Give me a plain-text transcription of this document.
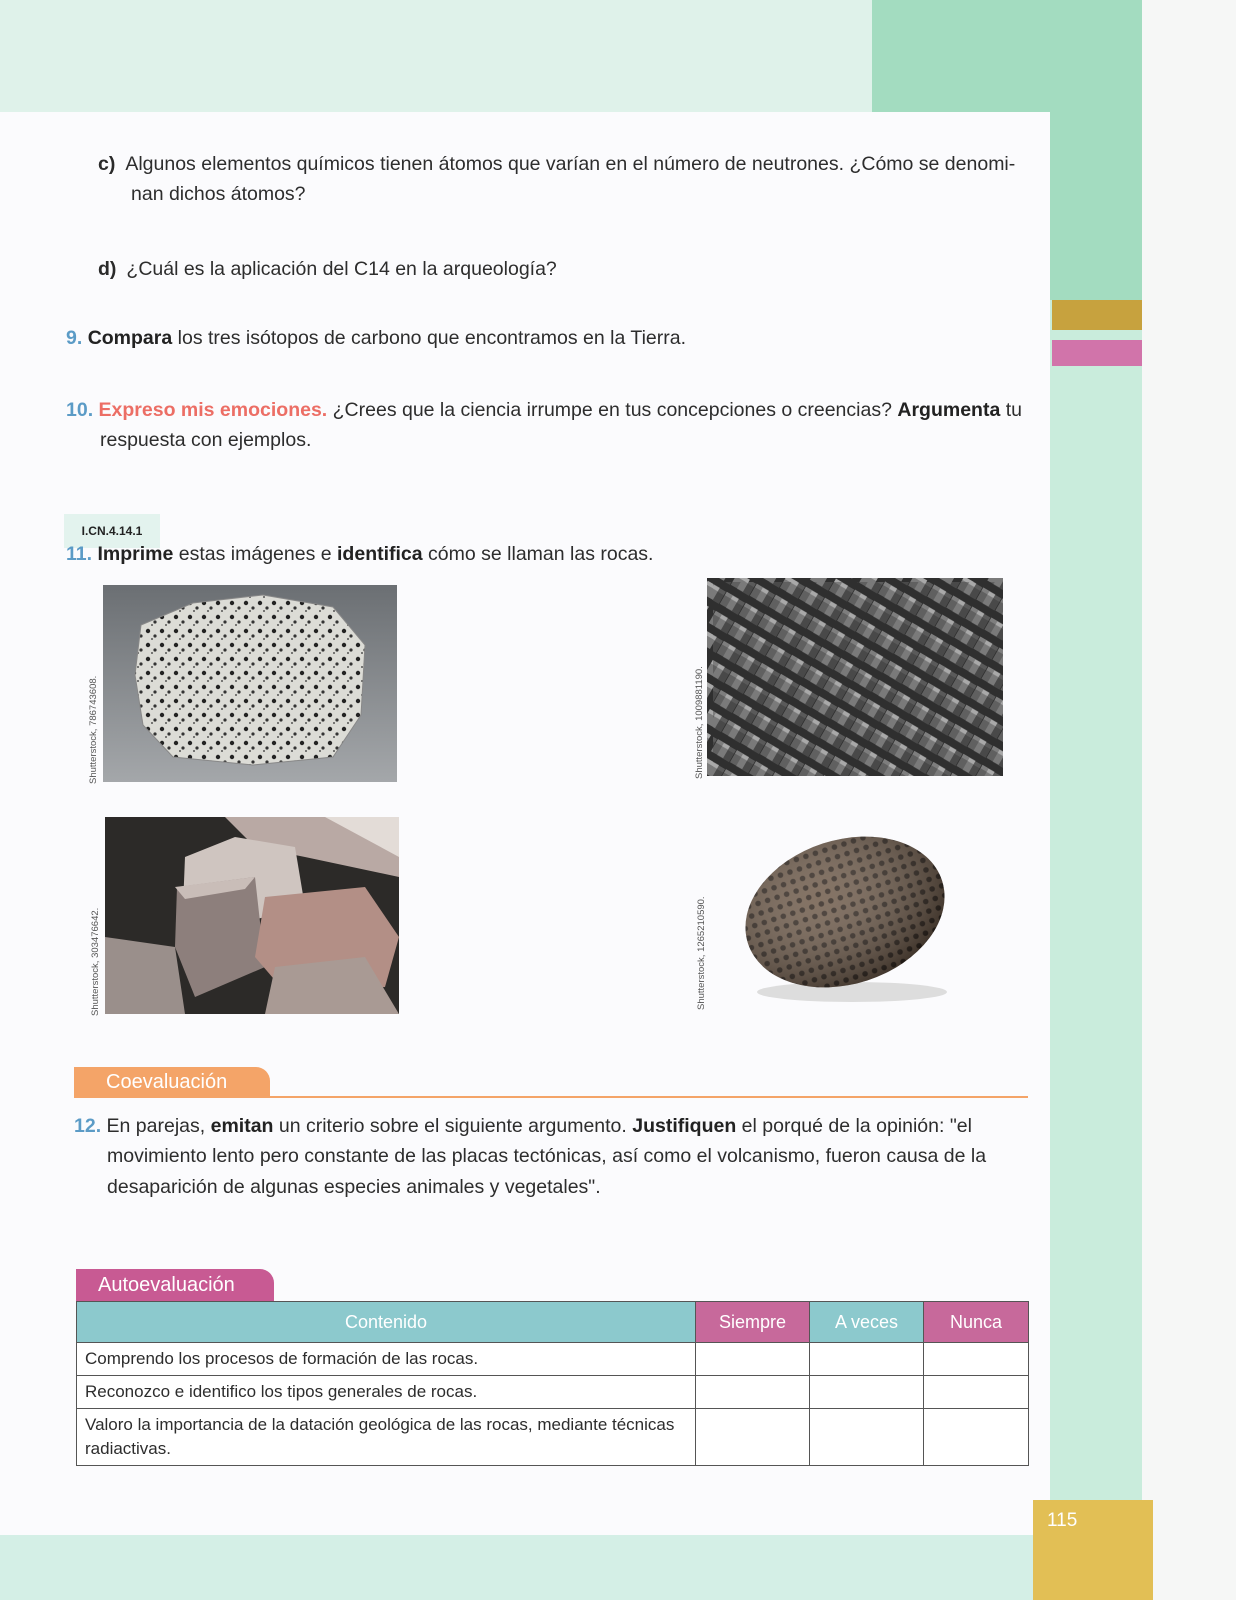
c) Algunos elementos químicos tienen átomos que varían en el número de neutrones. ¿Cómo se denomi-
nan dichos átomos?
d) ¿Cuál es la aplicación del C14 en la arqueología?
9. Compara los tres isótopos de carbono que encontramos en la Tierra.
10. Expreso mis emociones. ¿Crees que la ciencia irrumpe en tus concepciones o creencias? Argumenta tu
respuesta con ejemplos.
I.CN.4.14.1
11. Imprime estas imágenes e identifica cómo se llaman las rocas.
Shutterstock, 786743608.	Shutterstock, 1009881190.
Shutterstock, 303476642.	Shutterstock, 1265210590.
Coevaluación
12. En parejas, emitan un criterio sobre el siguiente argumento. Justifiquen el porqué de la opinión: "el
movimiento lento pero constante de las placas tectónicas, así como el volcanismo, fueron causa de la
desaparición de algunas especies animales y vegetales".
Autoevaluación
Contenido	Siempre	A veces	Nunca
Comprendo los procesos de formación de las rocas.			
Reconozco e identifico los tipos generales de rocas.			
Valoro la importancia de la datación geológica de las rocas, mediante técnicas radiactivas.			
115
